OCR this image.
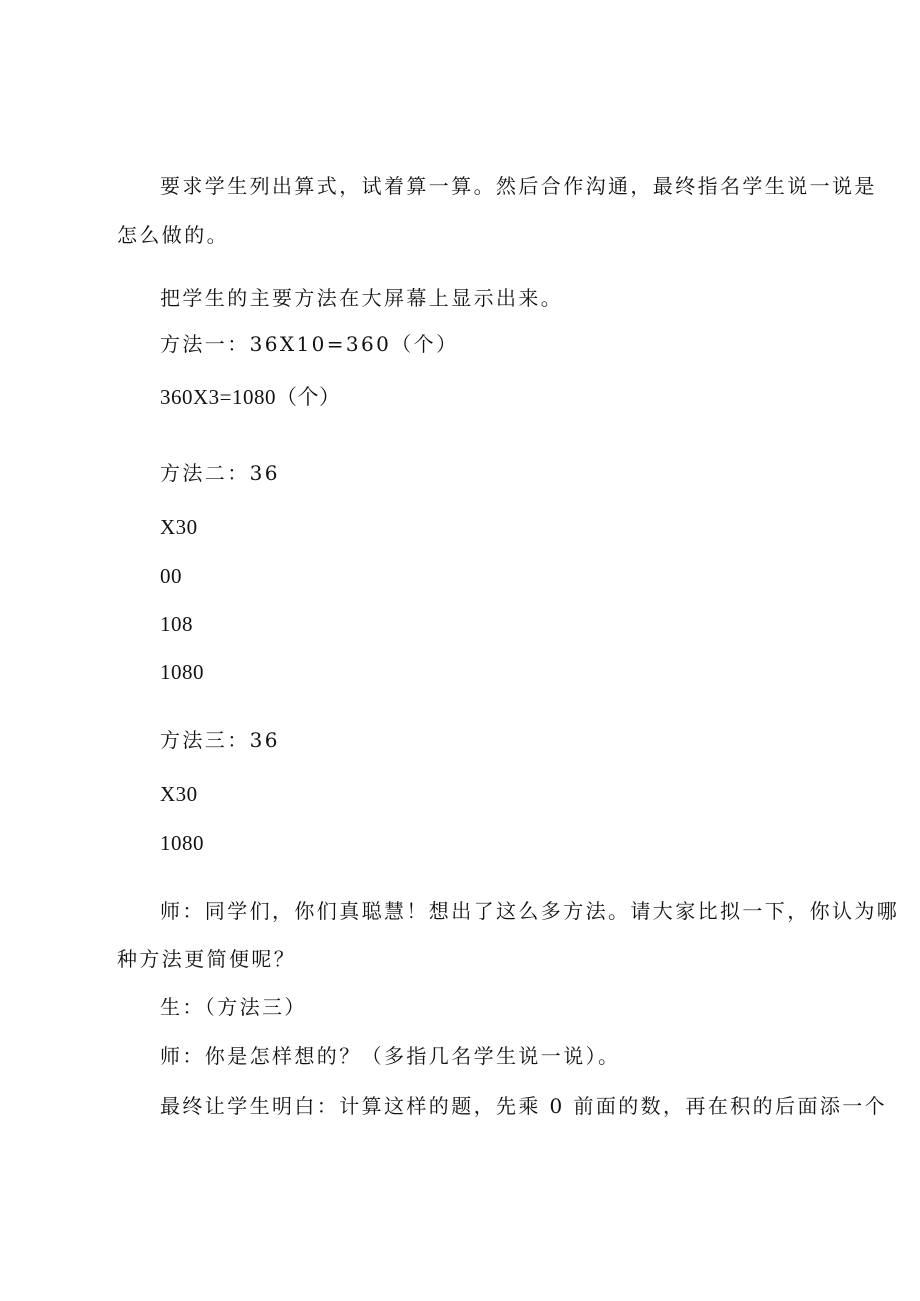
要求学生列出算式，试着算一算。然后合作沟通，最终指名学生说一说是
怎么做的。
把学生的主要方法在大屏幕上显示出来。
方法一：36X10=360（个）
360X3=1080（个）
方法二：36
X30
00
108
1080
方法三：36
X30
1080
师：同学们，你们真聪慧！想出了这么多方法。请大家比拟一下，你认为哪
种方法更简便呢？
生：（方法三）
师：你是怎样想的？（多指几名学生说一说）。
最终让学生明白：计算这样的题，先乘 0 前面的数，再在积的后面添一个
